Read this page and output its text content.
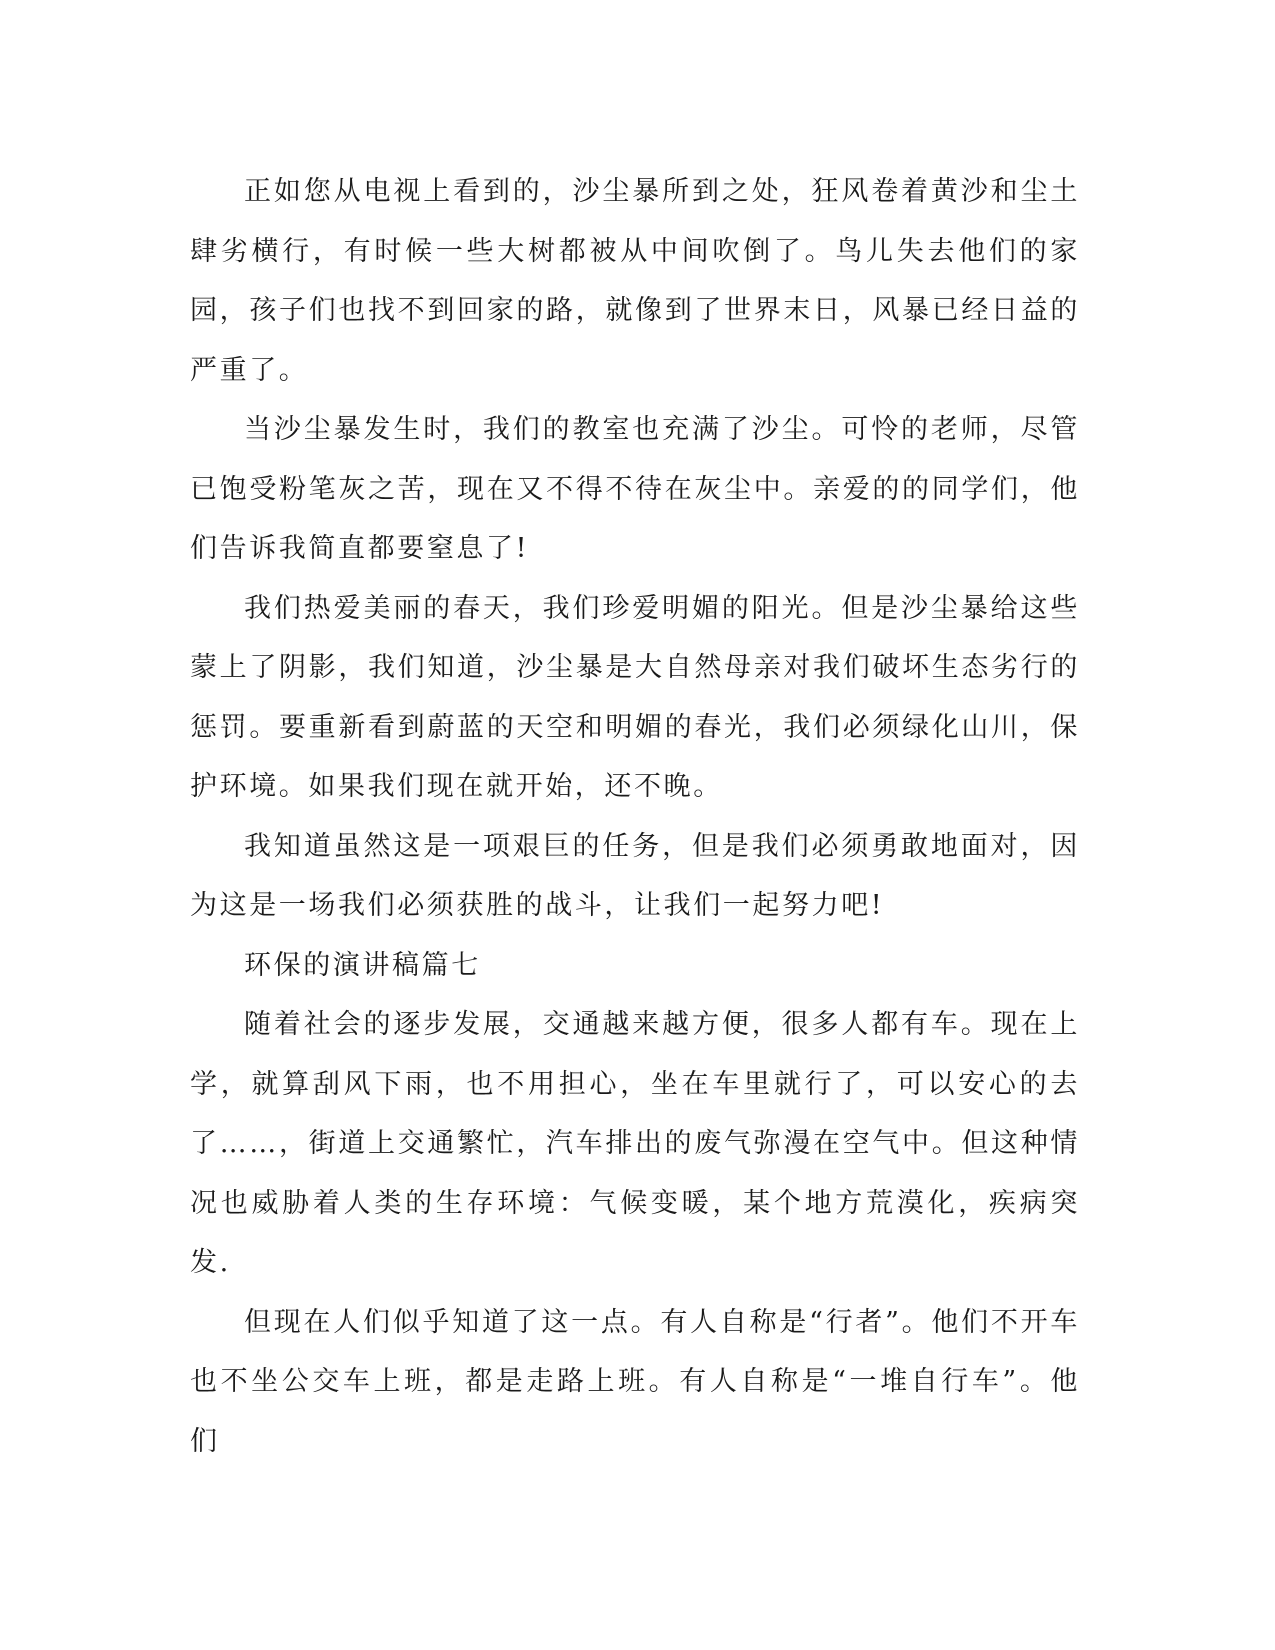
正如您从电视上看到的，沙尘暴所到之处，狂风卷着黄沙和尘土肆劣横行，有时候一些大树都被从中间吹倒了。鸟儿失去他们的家园，孩子们也找不到回家的路，就像到了世界末日，风暴已经日益的严重了。

当沙尘暴发生时，我们的教室也充满了沙尘。可怜的老师，尽管已饱受粉笔灰之苦，现在又不得不待在灰尘中。亲爱的的同学们，他们告诉我简直都要窒息了!

我们热爱美丽的春天，我们珍爱明媚的阳光。但是沙尘暴给这些蒙上了阴影，我们知道，沙尘暴是大自然母亲对我们破坏生态劣行的惩罚。要重新看到蔚蓝的天空和明媚的春光，我们必须绿化山川，保护环境。如果我们现在就开始，还不晚。

我知道虽然这是一项艰巨的任务，但是我们必须勇敢地面对，因为这是一场我们必须获胜的战斗，让我们一起努力吧!

环保的演讲稿篇七

随着社会的逐步发展，交通越来越方便，很多人都有车。现在上学，就算刮风下雨，也不用担心，坐在车里就行了，可以安心的去了……，街道上交通繁忙，汽车排出的废气弥漫在空气中。但这种情况也威胁着人类的生存环境：气候变暖，某个地方荒漠化，疾病突发.

但现在人们似乎知道了这一点。有人自称是“行者”。他们不开车也不坐公交车上班，都是走路上班。有人自称是“一堆自行车”。他们
